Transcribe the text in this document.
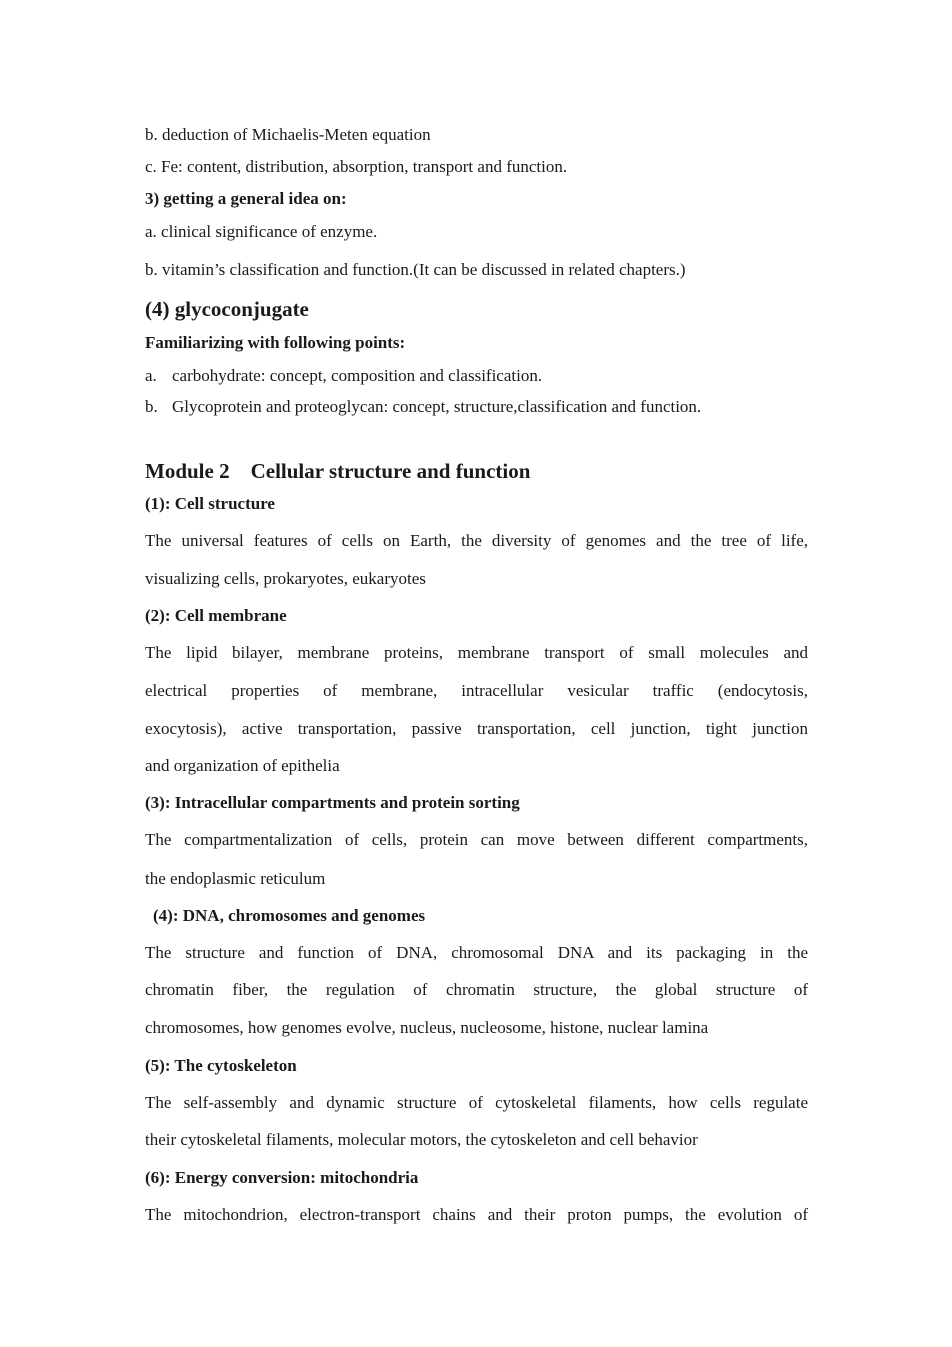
b. deduction of Michaelis-Meten equation
c. Fe: content, distribution, absorption, transport and function.
3) getting a general idea on:
a. clinical significance of enzyme.
b. vitamin’s classification and function.(It can be discussed in related chapters.)
(4) glycoconjugate
Familiarizing with following points:
a. carbohydrate: concept, composition and classification.
b. Glycoprotein and proteoglycan: concept, structure,classification and function.
Module 2    Cellular structure and function
(1): Cell structure
The universal features of cells on Earth, the diversity of genomes and the tree of life,
visualizing cells, prokaryotes, eukaryotes
(2): Cell membrane
The lipid bilayer, membrane proteins, membrane transport of small molecules and
electrical properties of membrane, intracellular vesicular traffic (endocytosis,
exocytosis), active transportation, passive transportation, cell junction, tight junction
and organization of epithelia
(3): Intracellular compartments and protein sorting
The compartmentalization of cells, protein can move between different compartments,
the endoplasmic reticulum
(4): DNA, chromosomes and genomes
The structure and function of DNA, chromosomal DNA and its packaging in the
chromatin fiber, the regulation of chromatin structure, the global structure of
chromosomes, how genomes evolve, nucleus, nucleosome, histone, nuclear lamina
(5): The cytoskeleton
The self-assembly and dynamic structure of cytoskeletal filaments, how cells regulate
their cytoskeletal filaments, molecular motors, the cytoskeleton and cell behavior
(6): Energy conversion: mitochondria
The mitochondrion, electron-transport chains and their proton pumps, the evolution of
